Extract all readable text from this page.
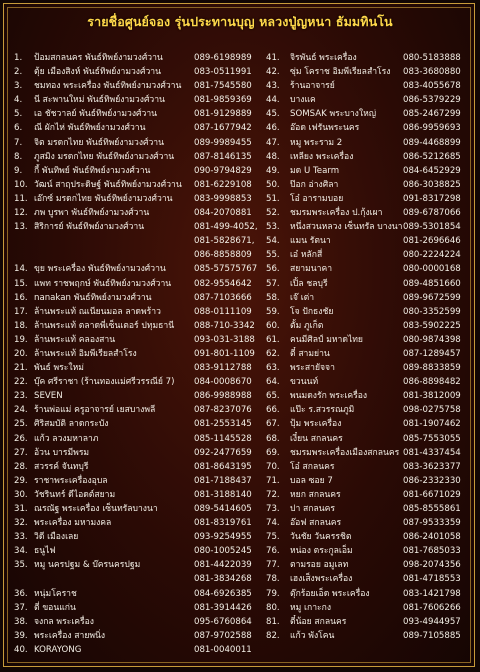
รายชื่อศูนย์จอง รุ่นประทานบุญ หลวงปู่ญหนา ธัมมทินโน
1. ป้อมสกลนคร พันธ์ทิพย์งามวงศ์วาน	089-6198989
2. ตุ้ย เมืองสิงห์ พันธ์ทิพย์งามวงศ์วาน	083-0511991
3. ชมทอง พระเครื่อง พันธ์ทิพย์งามวงศ์วาน	081-7545580
4. นี สะพานใหม่ พันธ์ทิพย์งามวงศ์วาน	081-9859369
5. เอ ชัชวาลย์ พันธ์ทิพย์งามวงศ์วาน	081-9129889
6. ณี ผักไห่ พันธ์ทิพย์งามวงศ์วาน	087-1677942
7. จิต มรดกไทย พันธ์ทิพย์งามวงศ์วาน	089-9989455
8. ภูสมิง มรดกไทย พันธ์ทิพย์งามวงศ์วาน	087-8146135
9. กี้ พันทิพย์ พันธ์ทิพย์งามวงศ์วาน	090-9794829
10. วัฒน์ สาฤประดิษฐ์ พันธ์ทิพย์งามวงศ์วาน	081-6229108
11. เอ๊กซ์ มรดกไทย พันธ์ทิพย์งามวงศ์วาน	083-9998853
12. ภพ บูรพา พันธ์ทิพย์งามวงศ์วาน	084-2070881
13. สิริการย์ พันธ์ทิพย์งามวงศ์วาน	081-499-4052,
081-5828671,
086-8858809
14. ขุย พระเครื่อง พันธ์ทิพย์งามวงศ์วาน	085-57575767
15. แพท ราชพฤกษ์ พันธ์ทิพย์งามวงศ์วาน	082-9554642
16. nanakan พันธ์ทิพย์งามวงศ์วาน	087-7103666
17. ล้านพระแท้ ณเนียนมอล ลาดพร้าว	088-0111109
18. ล้านพระแท้ ตลาดพี่เซ็นเตอร์ ปทุมธานี	088-710-3342
19. ล้านพระแท้ คลองสาน	093-031-3188
20. ล้านพระแท้ อิมพีเรียลสำโรง	091-801-1109
21. พันธ์ พระใหม่	083-9112788
22. บุ๊ค ศรีราชา (ร้านทองแม่ศรีวรรณีย์ 7)	084-0008670
23. SEVEN	086-9988988
24. ร้านพ่อแม่ ครูอาจารย์ เยสบางพลี	087-8237076
25. ศิริสมบัติ ลาดกระบัง	081-2553145
26. แก้ว ลวงมหาลาภ	085-1145528
27. อ้วน บารมีพรม	092-2477659
28. สวรรค์ จันทบุรี	081-8643195
29. ราชาพระเครื่องอุบล	081-7188437
30. วัชรินทร์ ดีไอดต์สยาม	081-3188140
31. ณรณัฐ พระเครื่อง เซ็นทรัลบางนา	089-5414605
32. พระเครื่อง มหามงคล	081-8319761
33. วิดี เมืองเลย	093-9254955
34. ธนูไฟ	080-1005245
35. หมู นครปฐม & บ๊ครนครปฐม	081-4422039
081-3834268
36. หนุ่มโคราช	084-6926385
37. ตี่ ขอนแก่น	081-3914426
38. จงกล พระเครื่อง	095-6760864
39. พระเครื่อง สายพนิ่ง	087-9702588
40. KORAYONG	081-0040011
41. จิรพันธ์ พระเครื่อง	080-5183888
42. ซุ่ม โคราช อิมพีเรียลสำโรง	083-3680880
43. ร้านอาจารย์	083-4055678
44. บางแค	086-5379229
45. SOMSAK พระบางใหญ่	085-2467299
46. อ๊อด เฟรันพระนคร	086-9959693
47. หมู พระราม 2	089-4468899
48. เหลียง พระเครื่อง	086-5212685
49. มด U Tearm	084-6452929
50. ป๊อก อ่างศิลา	086-3038825
51. โอ๋ อารามบอย	091-8317298
52. ชมรมพระเครื่อง ป.กุ้งเผา	089-6787066
53. หนึ่งสวนหลวง เซ็นทรัล บางนา 089-5301854
54. แมน รัตนา	081-2696646
55. เอ๋ หลักสี่	080-2224224
56. สยามนาคา	080-0000168
57. เปิ้ล ชลบุรี	089-4851660
58. เจ๊ เต่า	089-9672599
59. โจ ปักธงชัย	080-3352599
60. ตั้ม ภูเก็ต	083-5902225
61. คนมีศิลป์ มหาดไทย	080-9874398
62. ตี๋ สามย่าน	087-1289457
63. พระสายัจจา	089-8833859
64. ขวนนท์	086-8898482
65. พนมดงรัก พระเครื่อง	081-3812009
66. แป๊ะ ร.สวรรณภูมิ	098-0275758
67. ปุ้ม พระเครื่อง	081-1907462
68. เงี๋ยน สกลนคร	085-7553055
69. ชมรมพระเครื่องเมืองสกลนคร 081-4337454
70. โอ๋ สกลนคร	083-3623377
71. บอล ซอย 7	086-2332330
72. หยก สกลนคร	081-6671029
73. ปา สกลนคร	085-8555861
74. อ๊อฟ สกลนคร	087-9533359
75. วันชัย วันครรชิต	086-2401058
76. หน่อง ตระกูลเอ็ม	081-7685033
77. ตามรอย อมูเลท	098-2074356
78. เฮงเส็งพระเครื่อง	081-4718553
79. ตุ๊กร้อยเอ็ด พระเครื่อง	083-1421798
80. หมู เกาะกง	081-7606266
81. ตี๋น้อย สกลนคร	093-4944957
82. แก้ว พังโคน	089-7105885
